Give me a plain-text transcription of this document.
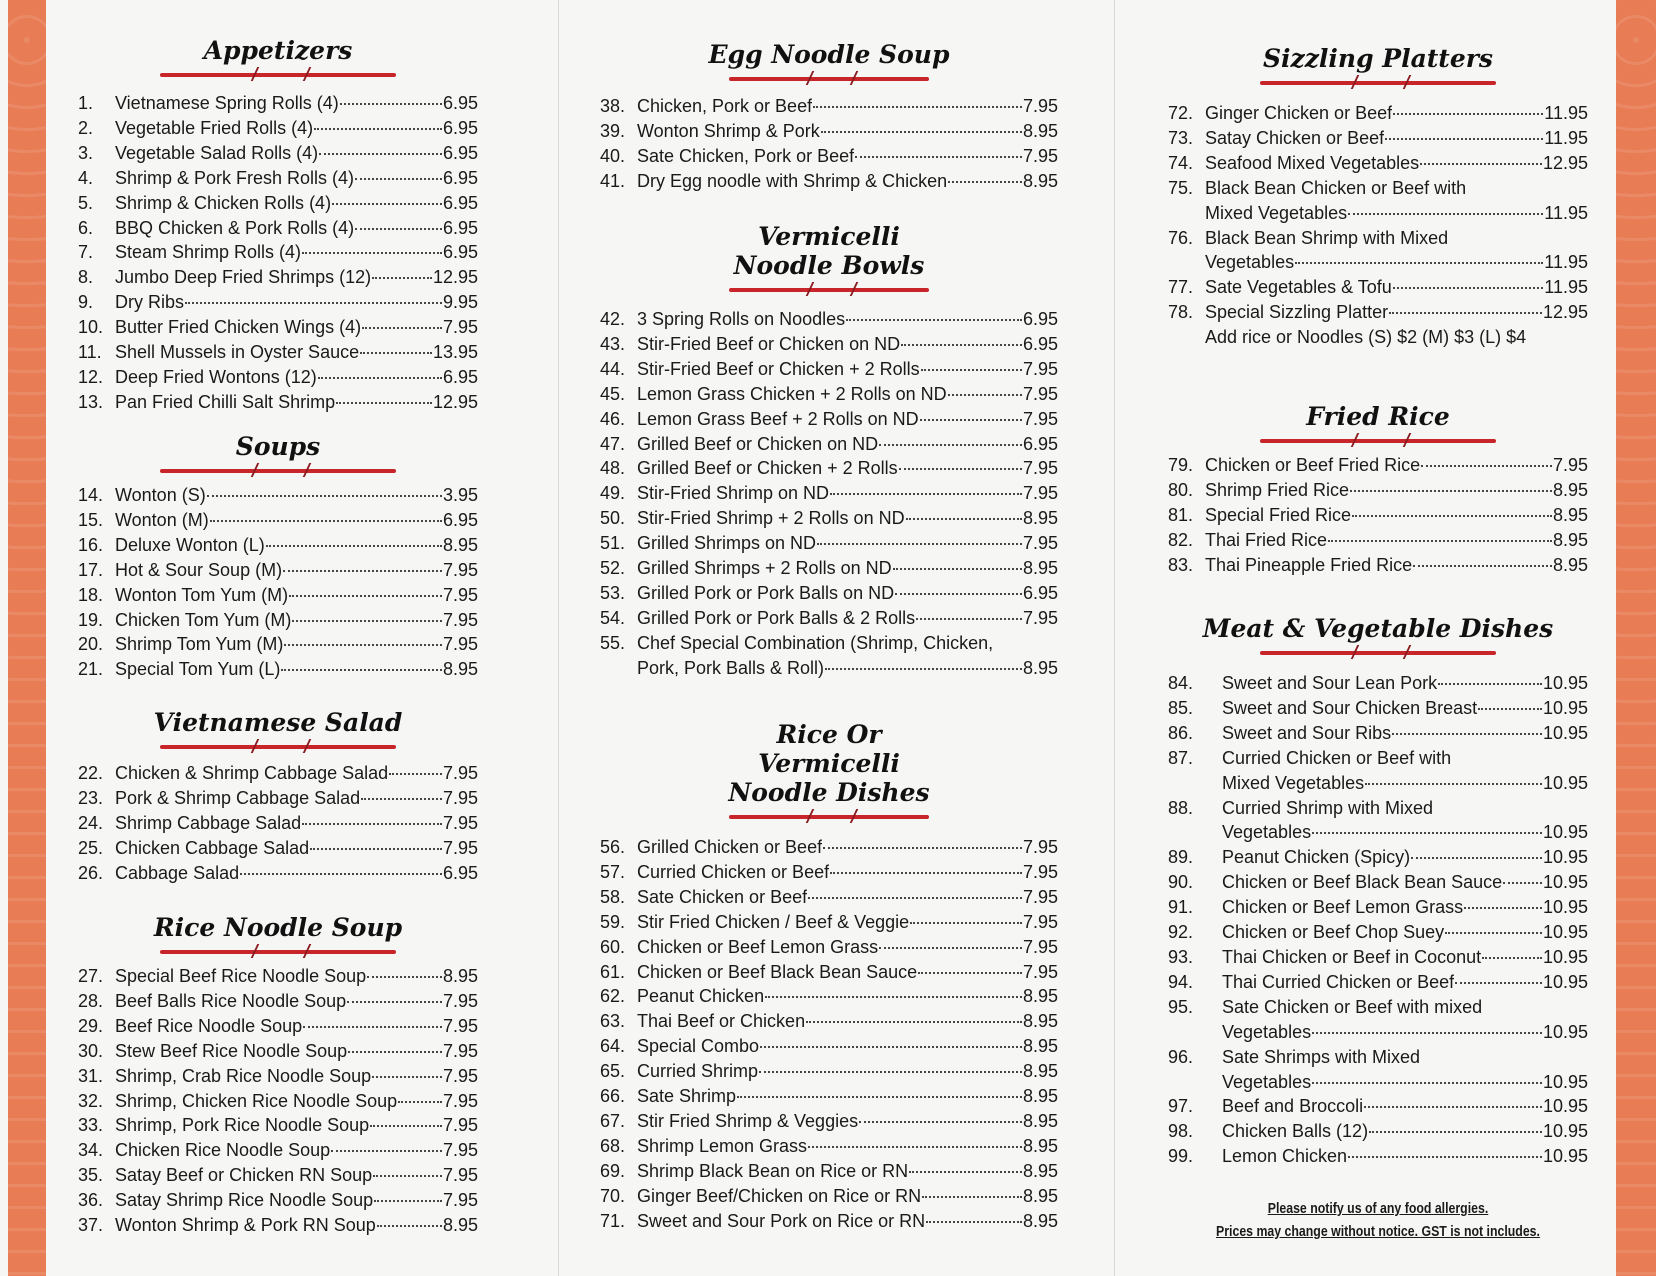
Appetizers
1.	Vietnamese Spring Rolls (4)	6.95
2.	Vegetable Fried Rolls (4)	6.95
3.	Vegetable Salad Rolls (4)	6.95
4.	Shrimp & Pork Fresh Rolls (4)	6.95
5.	Shrimp & Chicken Rolls (4)	6.95
6.	BBQ Chicken & Pork Rolls (4)	6.95
7.	Steam Shrimp Rolls (4)	6.95
8.	Jumbo Deep Fried Shrimps (12)	12.95
9.	Dry Ribs	9.95
10. Butter Fried Chicken Wings (4)	7.95
11. Shell Mussels in Oyster Sauce	13.95
12. Deep Fried Wontons (12)	6.95
13. Pan Fried Chilli Salt Shrimp	12.95
Soups
14. Wonton (S)	3.95
15. Wonton (M)	6.95
16. Deluxe Wonton (L)	8.95
17. Hot & Sour Soup (M)	7.95
18. Wonton Tom Yum (M)	7.95
19. Chicken Tom Yum (M)	7.95
20. Shrimp Tom Yum (M)	7.95
21. Special Tom Yum (L)	8.95
Vietnamese Salad
22. Chicken & Shrimp Cabbage Salad	7.95
23. Pork & Shrimp Cabbage Salad	7.95
24. Shrimp Cabbage Salad	7.95
25. Chicken Cabbage Salad	7.95
26. Cabbage Salad	6.95
Rice Noodle Soup
27. Special Beef Rice Noodle Soup	8.95
28. Beef Balls Rice Noodle Soup	7.95
29. Beef Rice Noodle Soup	7.95
30. Stew Beef Rice Noodle Soup	7.95
31. Shrimp, Crab Rice Noodle Soup	7.95
32. Shrimp, Chicken Rice Noodle Soup	7.95
33. Shrimp, Pork Rice Noodle Soup	7.95
34. Chicken Rice Noodle Soup	7.95
35. Satay Beef or Chicken RN Soup	7.95
36. Satay Shrimp Rice Noodle Soup	7.95
37. Wonton Shrimp & Pork RN Soup	8.95
Egg Noodle Soup
38. Chicken, Pork or Beef	7.95
39. Wonton Shrimp & Pork	8.95
40. Sate Chicken, Pork or Beef	7.95
41. Dry Egg noodle with Shrimp & Chicken	8.95
Vermicelli Noodle Bowls
42. 3 Spring Rolls on Noodles	6.95
43. Stir-Fried Beef or Chicken on ND	6.95
44. Stir-Fried Beef or Chicken + 2 Rolls	7.95
45. Lemon Grass Chicken + 2 Rolls on ND	7.95
46. Lemon Grass Beef + 2 Rolls on ND	7.95
47. Grilled Beef or Chicken on ND	6.95
48. Grilled Beef or Chicken + 2 Rolls	7.95
49. Stir-Fried Shrimp on ND	7.95
50. Stir-Fried Shrimp + 2 Rolls on ND	8.95
51. Grilled Shrimps on ND	7.95
52. Grilled Shrimps + 2 Rolls on ND	8.95
53. Grilled Pork or Pork Balls on ND	6.95
54. Grilled Pork or Pork Balls & 2 Rolls	7.95
55. Chef Special Combination (Shrimp, Chicken,
Pork, Pork Balls & Roll)	8.95
Rice Or Vermicelli Noodle Dishes
56. Grilled Chicken or Beef	7.95
57. Curried Chicken or Beef	7.95
58. Sate Chicken or Beef	7.95
59. Stir Fried Chicken / Beef & Veggie	7.95
60. Chicken or Beef Lemon Grass	7.95
61. Chicken or Beef Black Bean Sauce	7.95
62. Peanut Chicken	8.95
63. Thai Beef or Chicken	8.95
64. Special Combo	8.95
65. Curried Shrimp	8.95
66. Sate Shrimp	8.95
67. Stir Fried Shrimp & Veggies	8.95
68. Shrimp Lemon Grass	8.95
69. Shrimp Black Bean on Rice or RN	8.95
70. Ginger Beef/Chicken on Rice or RN	8.95
71. Sweet and Sour Pork on Rice or RN	8.95
Sizzling Platters
72. Ginger Chicken or Beef	11.95
73. Satay Chicken or Beef	11.95
74. Seafood Mixed Vegetables	12.95
75. Black Bean Chicken or Beef with
Mixed Vegetables	11.95
76. Black Bean Shrimp with Mixed
Vegetables	11.95
77. Sate Vegetables & Tofu	11.95
78. Special Sizzling Platter	12.95
Add rice or Noodles (S) $2 (M) $3 (L) $4
Fried Rice
79. Chicken or Beef Fried Rice	7.95
80. Shrimp Fried Rice	8.95
81. Special Fried Rice	8.95
82. Thai Fried Rice	8.95
83. Thai Pineapple Fried Rice	8.95
Meat & Vegetable Dishes
84.	Sweet and Sour Lean Pork	10.95
85.	Sweet and Sour Chicken Breast	10.95
86.	Sweet and Sour Ribs	10.95
87.	Curried Chicken or Beef with
Mixed Vegetables	10.95
88.	Curried Shrimp with Mixed
Vegetables	10.95
89.	Peanut Chicken (Spicy)	10.95
90.	Chicken or Beef Black Bean Sauce 10.95
91.	Chicken or Beef Lemon Grass	10.95
92.	Chicken or Beef Chop Suey	10.95
93.	Thai Chicken or Beef in Coconut	10.95
94.	Thai Curried Chicken or Beef	10.95
95.	Sate Chicken or Beef with mixed
Vegetables	10.95
96.	Sate Shrimps with Mixed
Vegetables	10.95
97.	Beef and Broccoli	10.95
98.	Chicken Balls (12)	10.95
99.	Lemon Chicken	10.95
Please notify us of any food allergies.
Prices may change without notice. GST is not includes.
